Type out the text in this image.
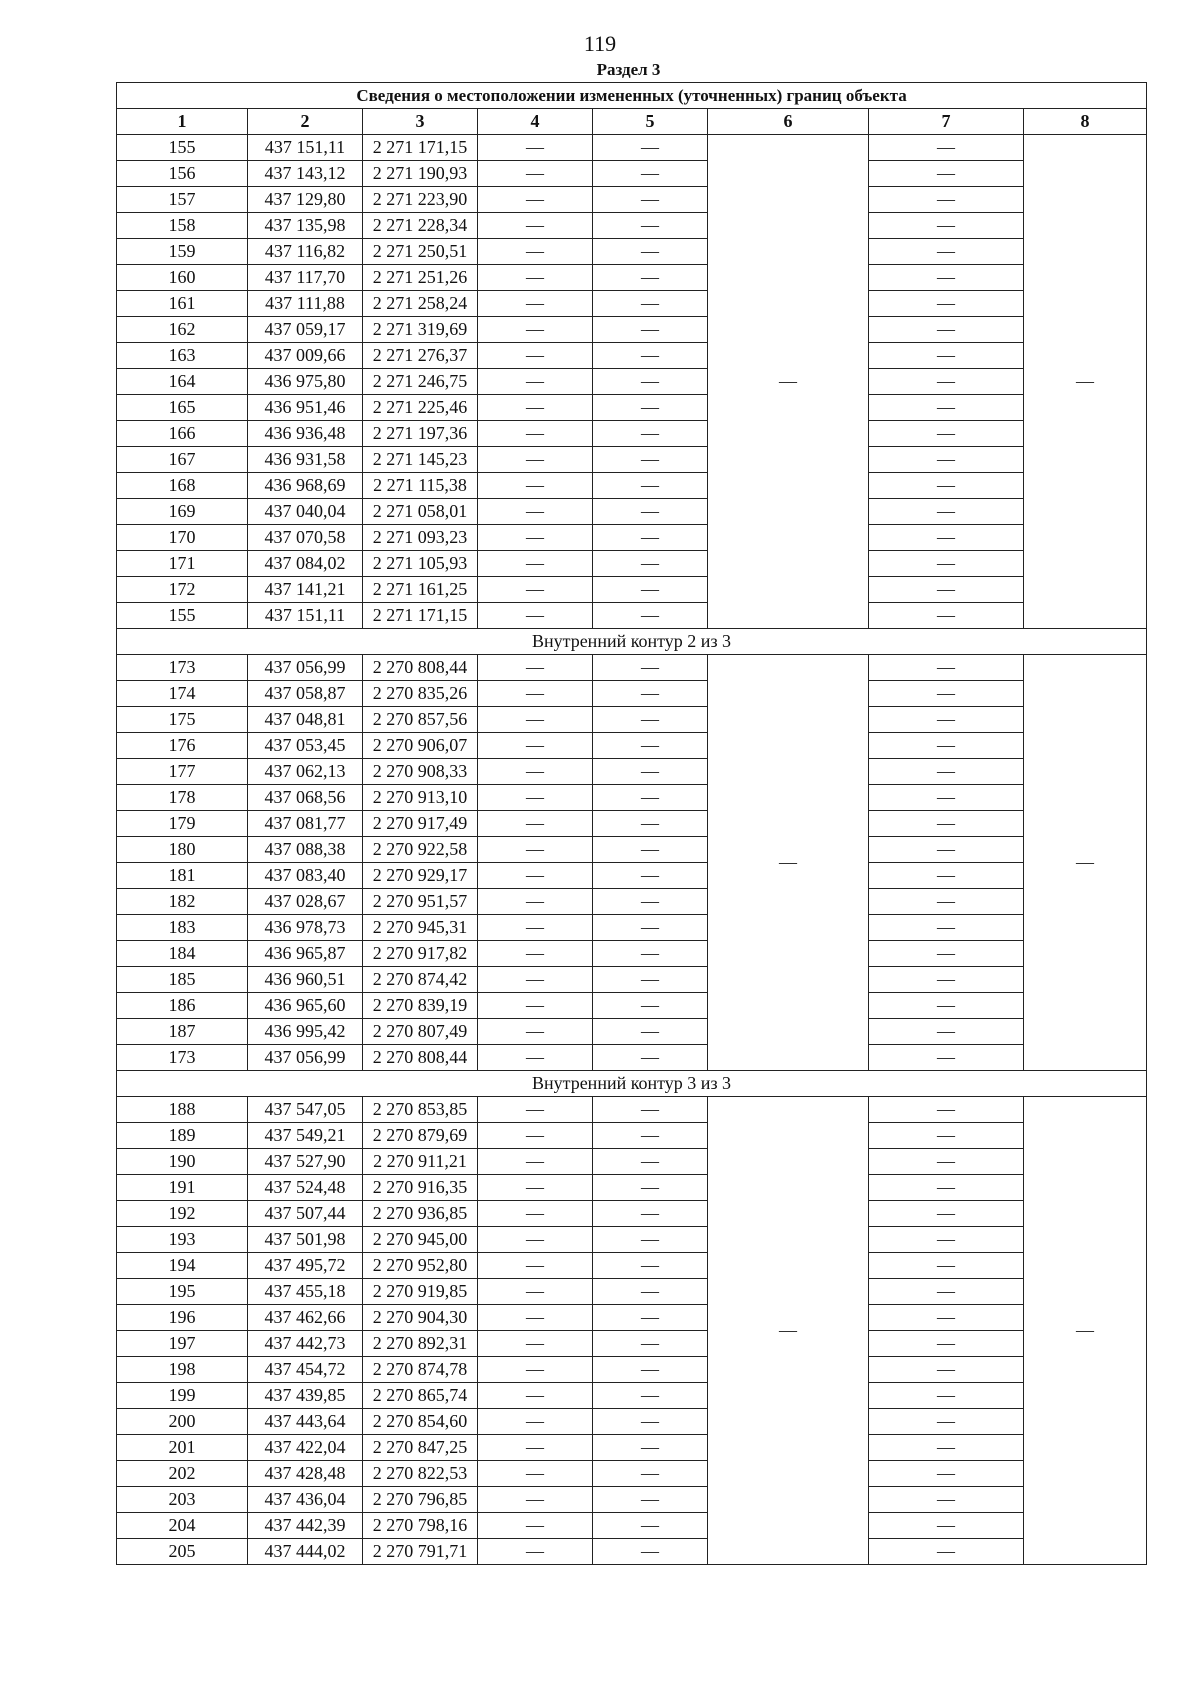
119
Раздел 3
Сведения о местоположении измененных (уточненных) границ объекта							
1	2	3	4	5	6	7	8
155	437 151,11	2 271 171,15	—	—	—	—	—
156	437 143,12	2 271 190,93	—	—		—	
157	437 129,80	2 271 223,90	—	—		—	
158	437 135,98	2 271 228,34	—	—		—	
159	437 116,82	2 271 250,51	—	—		—	
160	437 117,70	2 271 251,26	—	—		—	
161	437 111,88	2 271 258,24	—	—		—	
162	437 059,17	2 271 319,69	—	—		—	
163	437 009,66	2 271 276,37	—	—		—	
164	436 975,80	2 271 246,75	—	—		—	
165	436 951,46	2 271 225,46	—	—		—	
166	436 936,48	2 271 197,36	—	—		—	
167	436 931,58	2 271 145,23	—	—		—	
168	436 968,69	2 271 115,38	—	—		—	
169	437 040,04	2 271 058,01	—	—		—	
170	437 070,58	2 271 093,23	—	—		—	
171	437 084,02	2 271 105,93	—	—		—	
172	437 141,21	2 271 161,25	—	—		—	
155	437 151,11	2 271 171,15	—	—		—	
Внутренний контур 2 из 3							
173	437 056,99	2 270 808,44	—	—	—	—	—
174	437 058,87	2 270 835,26	—	—		—	
175	437 048,81	2 270 857,56	—	—		—	
176	437 053,45	2 270 906,07	—	—		—	
177	437 062,13	2 270 908,33	—	—		—	
178	437 068,56	2 270 913,10	—	—		—	
179	437 081,77	2 270 917,49	—	—		—	
180	437 088,38	2 270 922,58	—	—		—	
181	437 083,40	2 270 929,17	—	—		—	
182	437 028,67	2 270 951,57	—	—		—	
183	436 978,73	2 270 945,31	—	—		—	
184	436 965,87	2 270 917,82	—	—		—	
185	436 960,51	2 270 874,42	—	—		—	
186	436 965,60	2 270 839,19	—	—		—	
187	436 995,42	2 270 807,49	—	—		—	
173	437 056,99	2 270 808,44	—	—		—	
Внутренний контур 3 из 3							
188	437 547,05	2 270 853,85	—	—	—	—	—
189	437 549,21	2 270 879,69	—	—		—	
190	437 527,90	2 270 911,21	—	—		—	
191	437 524,48	2 270 916,35	—	—		—	
192	437 507,44	2 270 936,85	—	—		—	
193	437 501,98	2 270 945,00	—	—		—	
194	437 495,72	2 270 952,80	—	—		—	
195	437 455,18	2 270 919,85	—	—		—	
196	437 462,66	2 270 904,30	—	—		—	
197	437 442,73	2 270 892,31	—	—		—	
198	437 454,72	2 270 874,78	—	—		—	
199	437 439,85	2 270 865,74	—	—		—	
200	437 443,64	2 270 854,60	—	—		—	
201	437 422,04	2 270 847,25	—	—		—	
202	437 428,48	2 270 822,53	—	—		—	
203	437 436,04	2 270 796,85	—	—		—	
204	437 442,39	2 270 798,16	—	—		—	
205	437 444,02	2 270 791,71	—	—		—	
